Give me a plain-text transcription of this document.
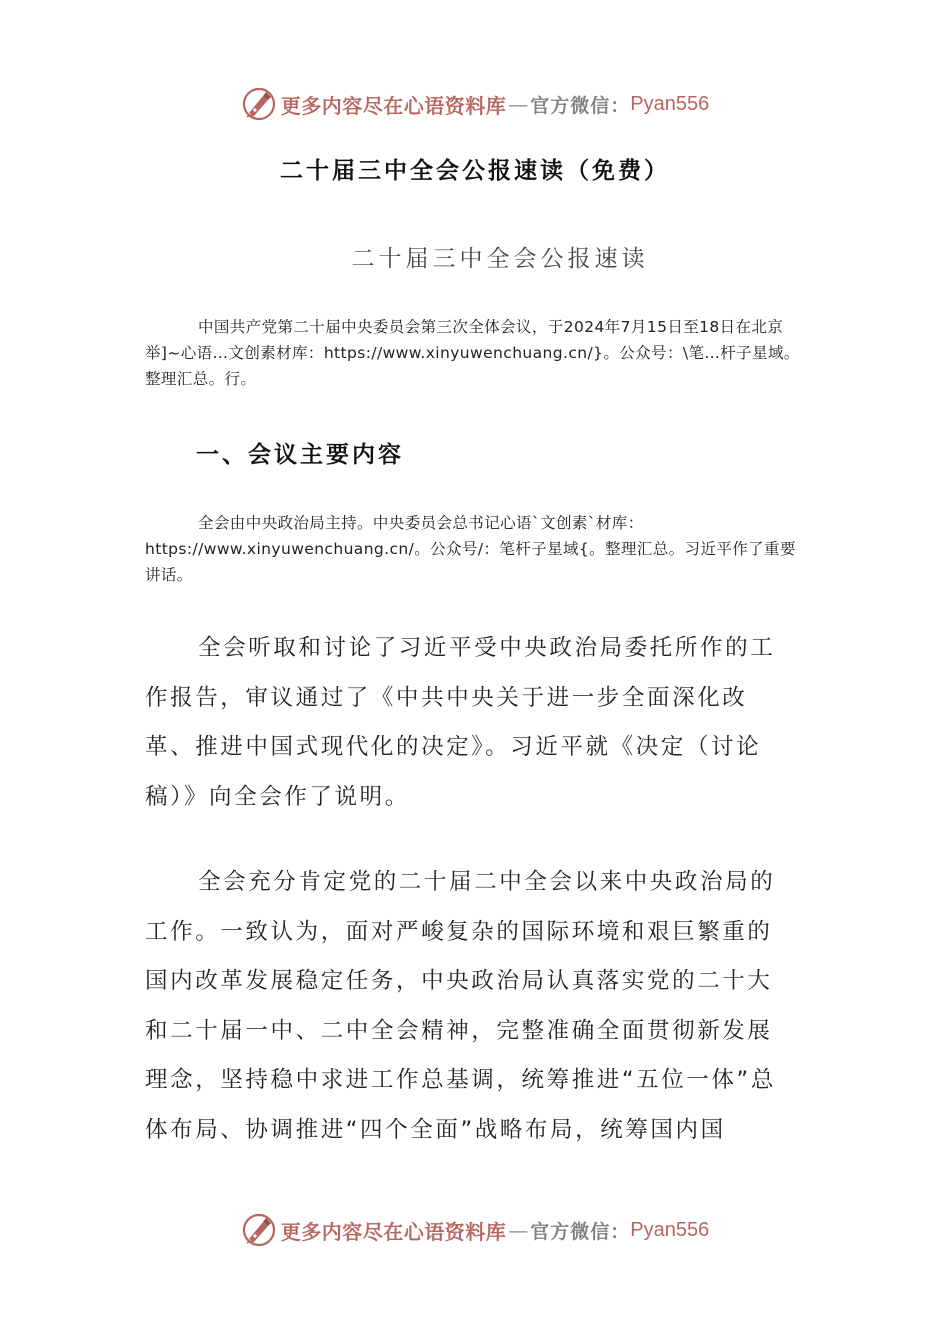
更多内容尽在心语资料库 — 官方微信： Pyan556
二十届三中全会公报速读（免费）
二十届三中全会公报速读

中国共产党第二十届中央委员会第三次全体会议，于2024年7月15日至18日在北京举]~心语…文创素材库：https://www.xinyuwenchuang.cn/}。公众号：\笔…杆子星域。整理汇总。行。

一、会议主要内容

全会由中央政治局主持。中央委员会总书记心语`文创素`材库：https://www.xinyuwenchuang.cn/。公众号/：笔杆子星域{。整理汇总。习近平作了重要讲话。

全会听取和讨论了习近平受中央政治局委托所作的工作报告，审议通过了《中共中央关于进一步全面深化改革、推进中国式现代化的决定》。习近平就《决定（讨论稿）》向全会作了说明。

全会充分肯定党的二十届二中全会以来中央政治局的工作。一致认为，面对严峻复杂的国际环境和艰巨繁重的国内改革发展稳定任务，中央政治局认真落实党的二十大和二十届一中、二中全会精神，完整准确全面贯彻新发展理念，坚持稳中求进工作总基调，统筹推进“五位一体”总体布局、协调推进“四个全面”战略布局，统筹国内国

更多内容尽在心语资料库 — 官方微信： Pyan556
